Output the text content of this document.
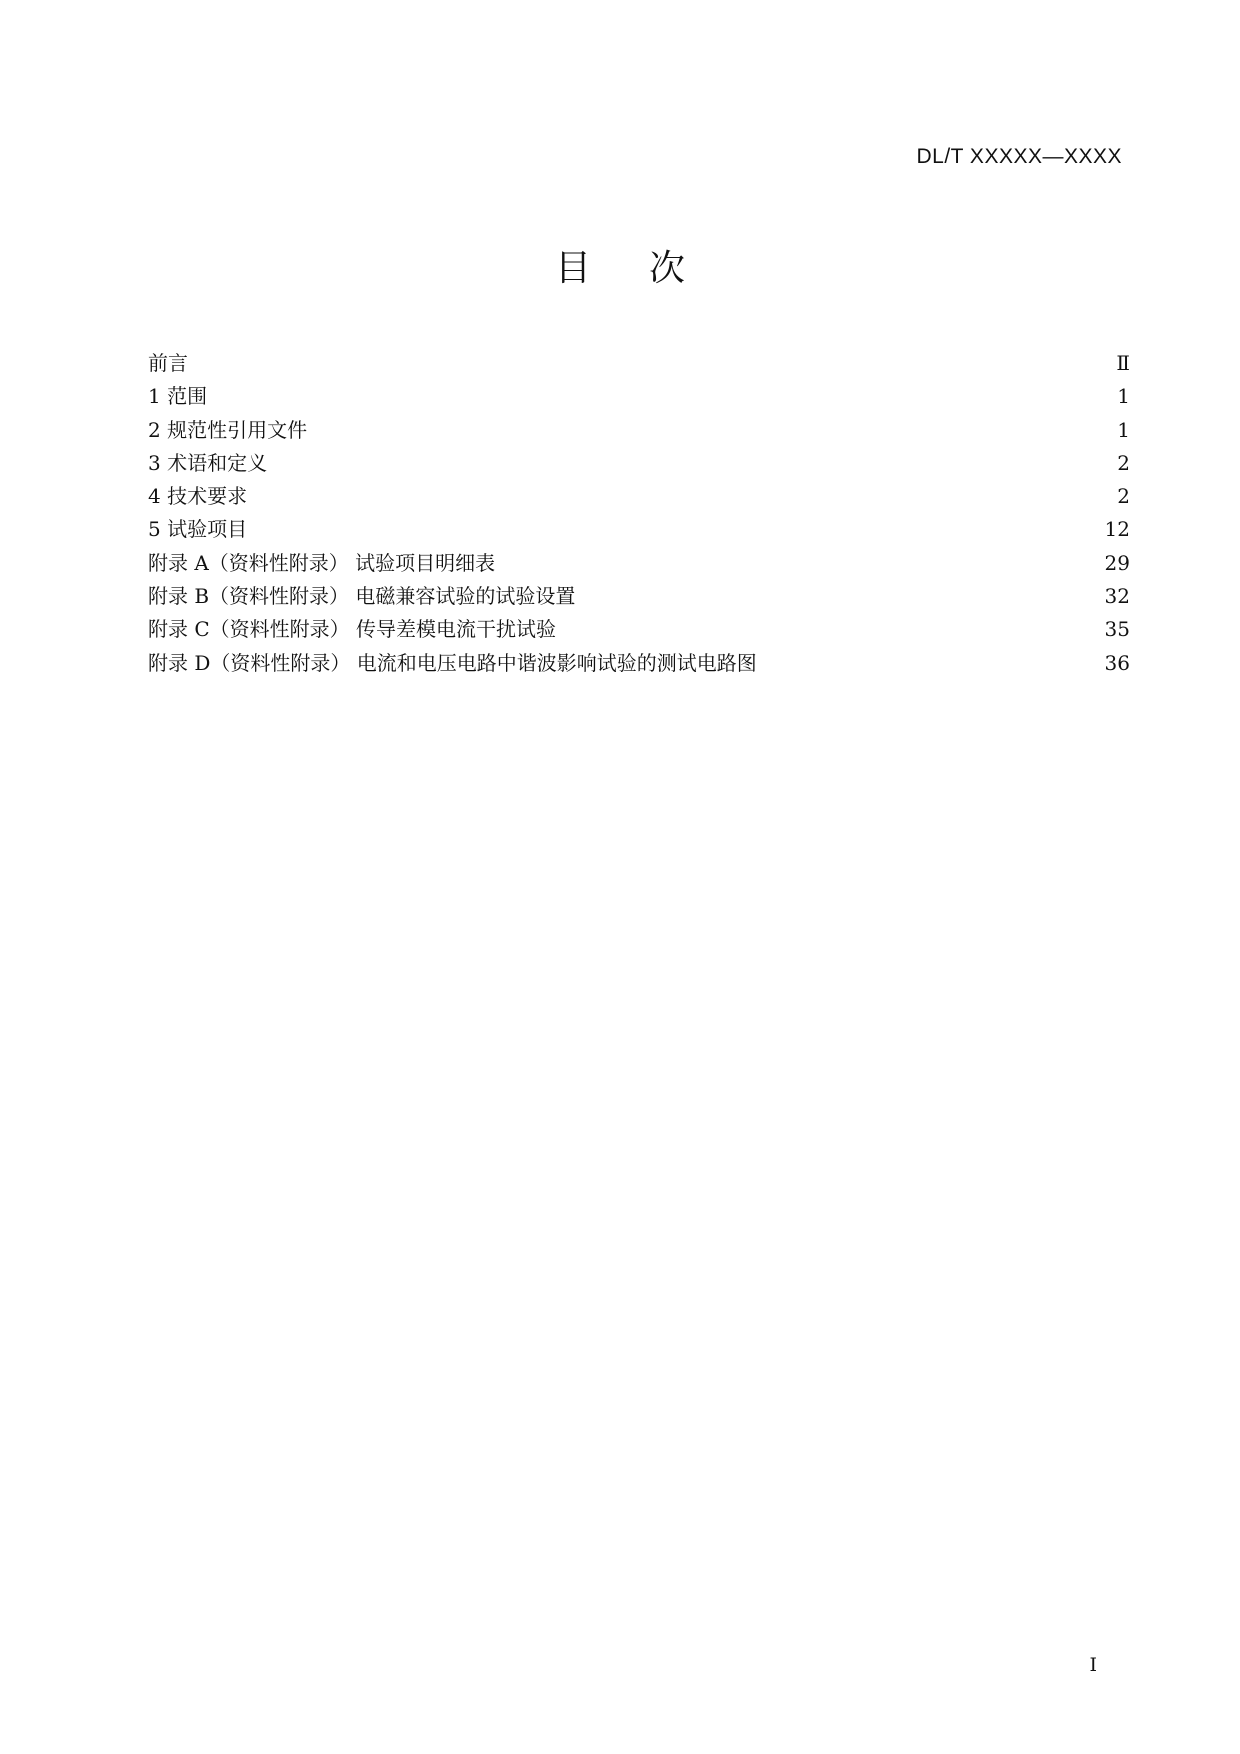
DL/T XXXXX—XXXX
目 次
前言	Ⅱ
1 范围	1
2 规范性引用文件	1
3 术语和定义	2
4 技术要求	2
5 试验项目	12
附录 A（资料性附录） 试验项目明细表	29
附录 B（资料性附录） 电磁兼容试验的试验设置	32
附录 C（资料性附录） 传导差模电流干扰试验	35
附录 D（资料性附录） 电流和电压电路中谐波影响试验的测试电路图	36
I
